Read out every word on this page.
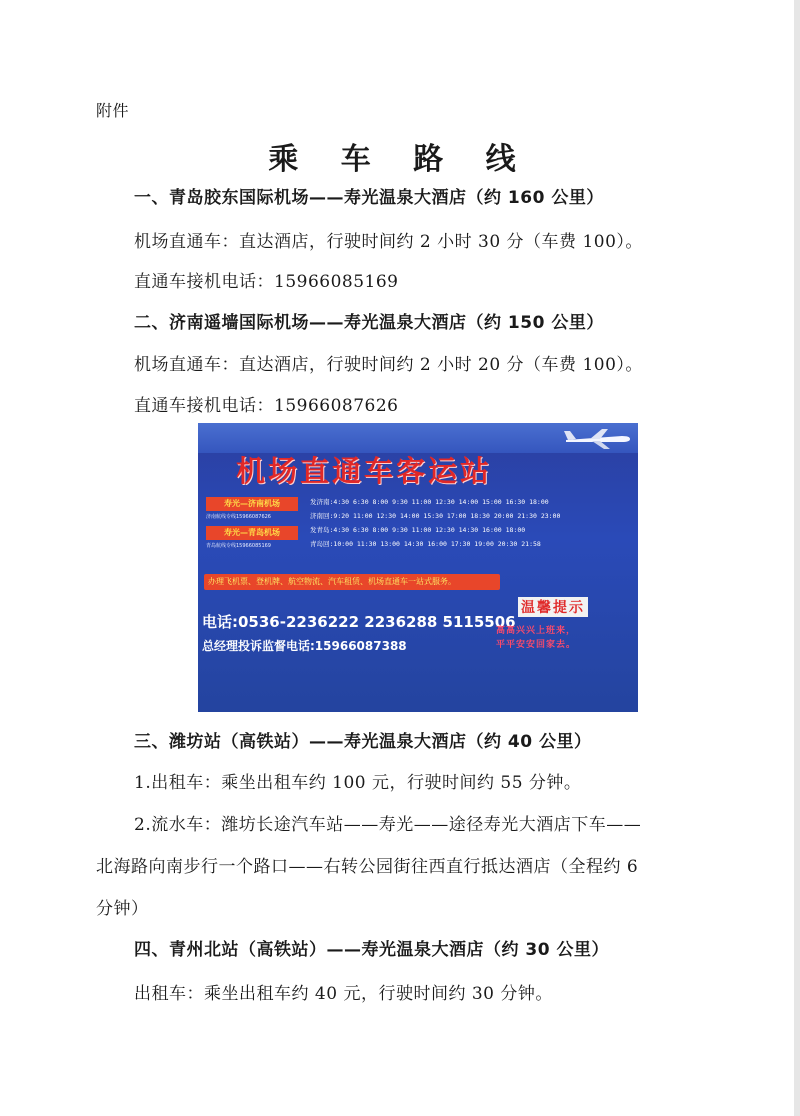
附件
乘 车 路 线
一、青岛胶东国际机场——寿光温泉大酒店（约 160 公里）
机场直通车：直达酒店，行驶时间约 2 小时 30 分（车费 100）。
直通车接机电话：15966085169
二、济南遥墙国际机场——寿光温泉大酒店（约 150 公里）
机场直通车：直达酒店，行驶时间约 2 小时 20 分（车费 100）。
直通车接机电话：15966087626
机场直通车客运站
寿光—济南机场
济南航线专线15966087626
寿光—青岛机场
青岛航线专线15966085169
发济南:4:30 6:30 8:00 9:30 11:00 12:30 14:00 15:00 16:30 18:00
济南回:9:20 11:00 12:30 14:00 15:30 17:00 18:30 20:00 21:30 23:00
发青岛:4:30 6:30 8:00 9:30 11:00 12:30 14:30 16:00 18:00
青岛回:10:00 11:30 13:00 14:30 16:00 17:30 19:00 20:30 21:58
办理飞机票、登机牌、航空物流、汽车租赁、机场直通车一站式服务。
电话:0536-2236222 2236288 5115506
总经理投诉监督电话:15966087388
温馨提示
高高兴兴上班来，
平平安安回家去。
三、潍坊站（高铁站）——寿光温泉大酒店（约 40 公里）
1.出租车：乘坐出租车约 100 元，行驶时间约 55 分钟。
2.流水车：潍坊长途汽车站——寿光——途径寿光大酒店下车——
北海路向南步行一个路口——右转公园街往西直行抵达酒店（全程约 6
分钟）
四、青州北站（高铁站）——寿光温泉大酒店（约 30 公里）
出租车：乘坐出租车约 40 元，行驶时间约 30 分钟。
